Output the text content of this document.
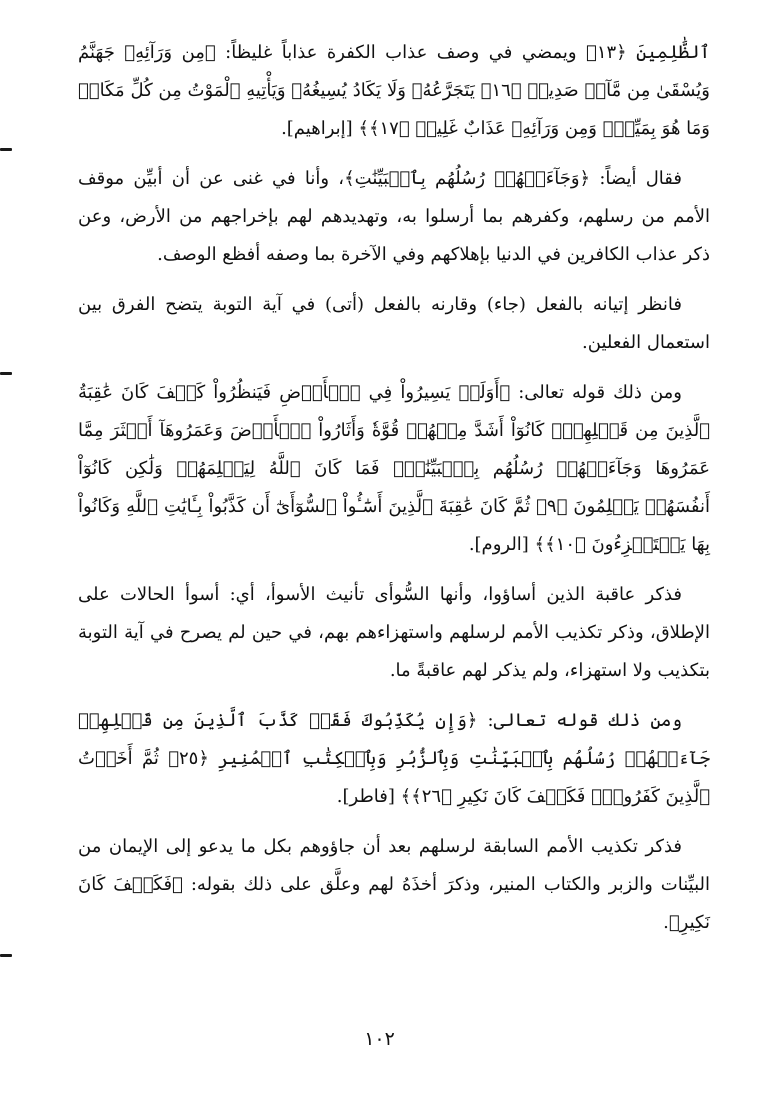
ٱلظَّٰلِمِينَ ﴿١٣﴾ ويمضي في وصف عذاب الكفرة عذاباً غليظاً: ﴿مِن وَرَآئِهِۦ جَهَنَّمُ وَيُسْقَىٰ مِن مَّآءٖ صَدِيدٖ ﴿١٦﴾ يَتَجَرَّعُهُۥ وَلَا يَكَادُ يُسِيغُهُۥ وَيَأْتِيهِ ٱلْمَوْتُ مِن كُلِّ مَكَانٖ وَمَا هُوَ بِمَيِّتٖۖ وَمِن وَرَآئِهِۦ عَذَابٌ غَلِيظٞ ﴿١٧﴾﴾ [إبراهيم].

فقال أيضاً: ﴿وَجَآءَتۡهُمۡ رُسُلُهُم بِٱلۡبَيِّنَٰتِ﴾، وأنا في غنى عن أن أبيِّن موقف الأمم من رسلهم، وكفرهم بما أرسلوا به، وتهديدهم لهم بإخراجهم من الأرض، وعن ذكر عذاب الكافرين في الدنيا بإهلاكهم وفي الآخرة بما وصفه أفظع الوصف.

فانظر إتيانه بالفعل (جاء) وقارنه بالفعل (أتى) في آية التوبة يتضح الفرق بين استعمال الفعلين.

ومن ذلك قوله تعالى: ﴿أَوَلَمۡ يَسِيرُواْ فِي ٱلۡأَرۡضِ فَيَنظُرُواْ كَيۡفَ كَانَ عَٰقِبَةُ ٱلَّذِينَ مِن قَبۡلِهِمۡۚ كَانُوٓاْ أَشَدَّ مِنۡهُمۡ قُوَّةٗ وَأَثَارُواْ ٱلۡأَرۡضَ وَعَمَرُوهَآ أَكۡثَرَ مِمَّا عَمَرُوهَا وَجَآءَتۡهُمۡ رُسُلُهُم بِٱلۡبَيِّنَٰتِۖ فَمَا كَانَ ٱللَّهُ لِيَظۡلِمَهُمۡ وَلَٰكِن كَانُوٓاْ أَنفُسَهُمۡ يَظۡلِمُونَ ﴿٩﴾ ثُمَّ كَانَ عَٰقِبَةَ ٱلَّذِينَ أَسَٰٓـُٔواْ ٱلسُّوٓأَىٰٓ أَن كَذَّبُواْ بِـَٔايَٰتِ ٱللَّهِ وَكَانُواْ بِهَا يَسۡتَهۡزِءُونَ ﴿١٠﴾﴾ [الروم].

فذكر عاقبة الذين أساؤوا، وأنها السُّوأى تأنيث الأسوأ، أي: أسوأ الحالات على الإطلاق، وذكر تكذيب الأمم لرسلهم واستهزاءهم بهم، في حين لم يصرح في آية التوبة بتكذيب ولا استهزاء، ولم يذكر لهم عاقبةً ما.

ومن ذلك قوله تعالى: ﴿وَإِن يُكَذِّبُوكَ فَقَدۡ كَذَّبَ ٱلَّذِينَ مِن قَبۡلِهِمۡ جَآءَتۡهُمۡ رُسُلُهُم بِٱلۡبَيِّنَٰتِ وَبِٱلزُّبُرِ وَبِٱلۡكِتَٰبِ ٱلۡمُنِيرِ ﴿٢٥﴾ ثُمَّ أَخَذۡتُ ٱلَّذِينَ كَفَرُواْۖ فَكَيۡفَ كَانَ نَكِيرِ ﴿٢٦﴾﴾ [فاطر].

فذكر تكذيب الأمم السابقة لرسلهم بعد أن جاؤوهم بكل ما يدعو إلى الإيمان من البيِّنات والزبر والكتاب المنير، وذكرَ أخذَهُ لهم وعلَّق على ذلك بقوله: ﴿فَكَيۡفَ كَانَ نَكِيرِ﴾.

١٠٢
